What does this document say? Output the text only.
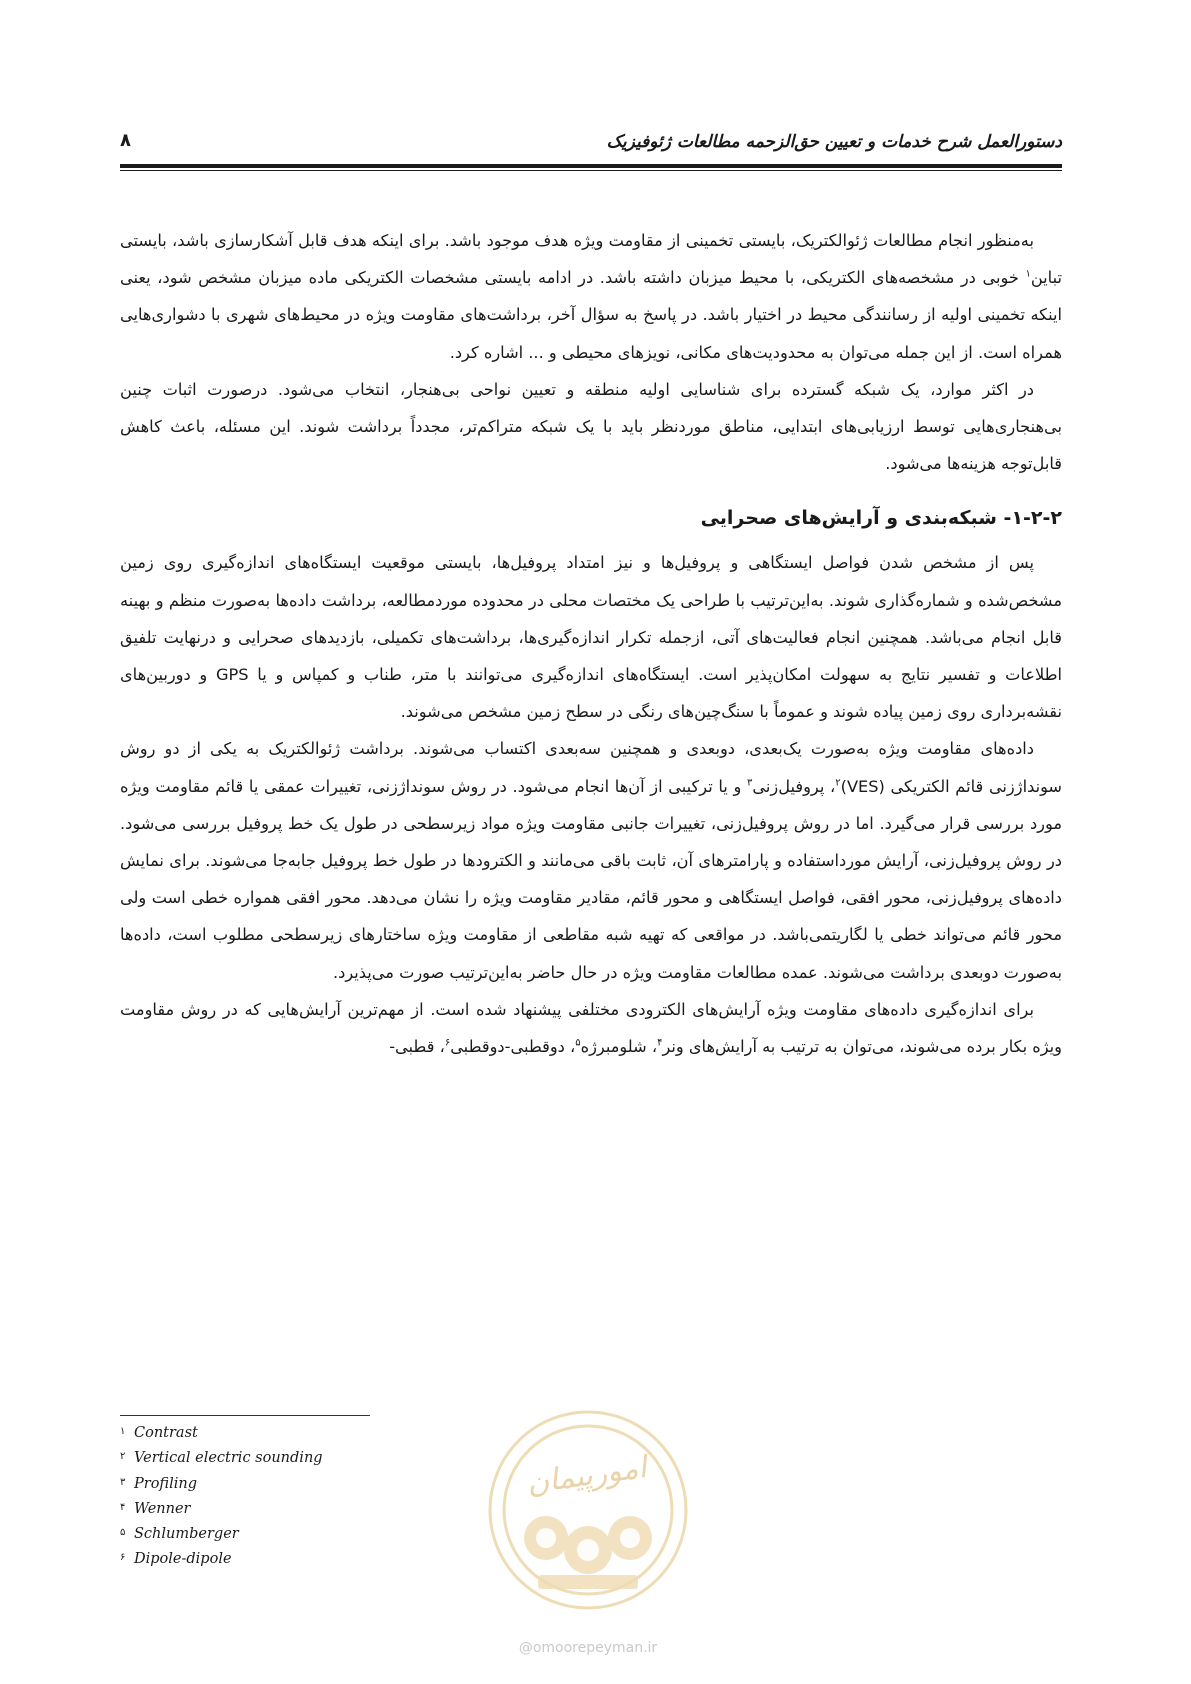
دستورالعمل شرح خدمات و تعیین حق‌الزحمه مطالعات ژئوفیزیک
۸

به‌منظور انجام مطالعات ژئوالکتریک، بایستی تخمینی از مقاومت ویژه هدف موجود باشد. برای اینکه هدف قابل آشکارسازی باشد، بایستی تباین$^۱$ خوبی در مشخصه‌های الکتریکی، با محیط میزبان داشته باشد. در ادامه بایستی مشخصات الکتریکی ماده میزبان مشخص شود، یعنی اینکه تخمینی اولیه از رسانندگی محیط در اختیار باشد. در پاسخ به سؤال آخر، برداشت‌های مقاومت ویژه در محیط‌های شهری با دشواری‌هایی همراه است. از این جمله می‌توان به محدودیت‌های مکانی، نویزهای محیطی و ... اشاره کرد.

در اکثر موارد، یک شبکه گسترده برای شناسایی اولیه منطقه و تعیین نواحی بی‌هنجار، انتخاب می‌شود. درصورت اثبات چنین بی‌هنجاری‌هایی توسط ارزیابی‌های ابتدایی، مناطق موردنظر باید با یک شبکه متراکم‌تر، مجدداً برداشت شوند. این مسئله، باعث کاهش قابل‌توجه هزینه‌ها می‌شود.

۱-۲-۲- شبکه‌بندی و آرایش‌های صحرایی

پس از مشخص شدن فواصل ایستگاهی و پروفیل‌ها و نیز امتداد پروفیل‌ها، بایستی موقعیت ایستگاه‌های اندازه‌گیری روی زمین مشخص‌شده و شماره‌گذاری شوند. به‌این‌ترتیب با طراحی یک مختصات محلی در محدوده موردمطالعه، برداشت داده‌ها به‌صورت منظم و بهینه قابل انجام می‌باشد. همچنین انجام فعالیت‌های آتی، ازجمله تکرار اندازه‌گیری‌ها، برداشت‌های تکمیلی، بازدیدهای صحرایی و درنهایت تلفیق اطلاعات و تفسیر نتایج به سهولت امکان‌پذیر است. ایستگاه‌های اندازه‌گیری می‌توانند با متر، طناب و کمپاس و یا GPS و دوربین‌های نقشه‌برداری روی زمین پیاده شوند و عموماً با سنگ‌چین‌های رنگی در سطح زمین مشخص می‌شوند.

داده‌های مقاومت ویژه به‌صورت یک‌بعدی، دوبعدی و همچنین سه‌بعدی اکتساب می‌شوند. برداشت ژئوالکتریک به یکی از دو روش سونداژزنی قائم الکتریکی (VES)$^۲$، پروفیل‌زنی$^۳$ و یا ترکیبی از آن‌ها انجام می‌شود. در روش سونداژزنی، تغییرات عمقی یا قائم مقاومت ویژه مورد بررسی قرار می‌گیرد. اما در روش پروفیل‌زنی، تغییرات جانبی مقاومت ویژه مواد زیرسطحی در طول یک خط پروفیل بررسی می‌شود. در روش پروفیل‌زنی، آرایش مورداستفاده و پارامترهای آن، ثابت باقی می‌مانند و الکترودها در طول خط پروفیل جابه‌جا می‌شوند. برای نمایش داده‌های پروفیل‌زنی، محور افقی، فواصل ایستگاهی و محور قائم، مقادیر مقاومت ویژه را نشان می‌دهد. محور افقی همواره خطی است ولی محور قائم می‌تواند خطی یا لگاریتمی‌باشد. در مواقعی که تهیه شبه مقاطعی از مقاومت ویژه ساختارهای زیرسطحی مطلوب است، داده‌ها به‌صورت دوبعدی برداشت می‌شوند. عمده مطالعات مقاومت ویژه در حال حاضر به‌این‌ترتیب صورت می‌پذیرد.

برای اندازه‌گیری داده‌های مقاومت ویژه آرایش‌های الکترودی مختلفی پیشنهاد شده است. از مهم‌ترین آرایش‌هایی که در روش مقاومت ویژه بکار برده می‌شوند، می‌توان به ترتیب به آرایش‌های ونر$^۴$، شلومبرژه$^۵$، دوقطبی-دوقطبی$^۶$، قطبی-

۱ Contrast

۲ Vertical electric sounding

۳ Profiling

۴ Wenner

۵ Schlumberger

۶ Dipole-dipole

امورپیمان
@omoorepeyman.ir
